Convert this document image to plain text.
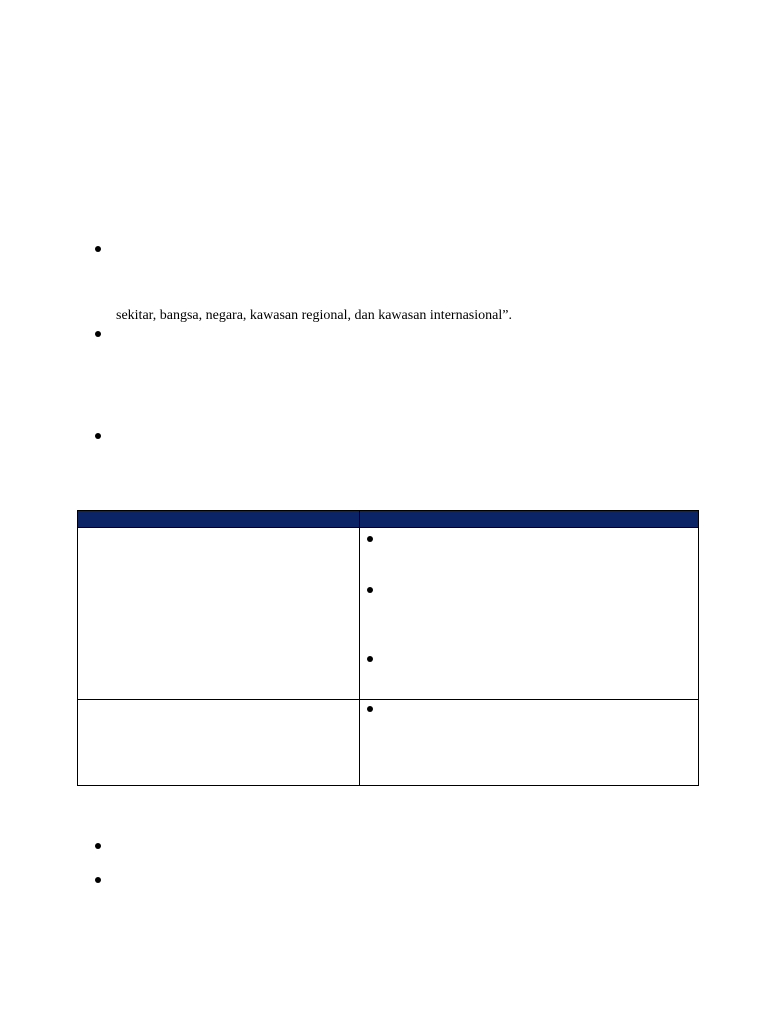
sekitar, bangsa, negara, kawasan regional, dan kawasan internasional”.
